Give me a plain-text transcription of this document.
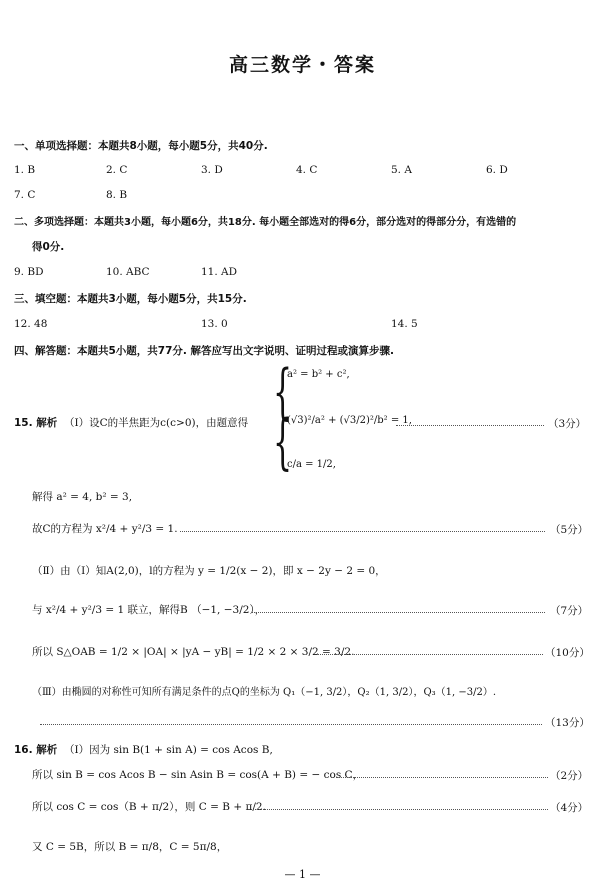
高三数学・答案
一、单项选择题：本题共8小题，每小题5分，共40分.
1. B	2. C	3. D	4. C	5. A	6. D
7. C	8. B
二、多项选择题：本题共3小题，每小题6分，共18分. 每小题全部选对的得6分，部分选对的得部分分，有选错的
得0分.
9. BD	10. ABC	11. AD
三、填空题：本题共3小题，每小题5分，共15分.
12. 48	13. 0	14. 5
四、解答题：本题共5小题，共77分. 解答应写出文字说明、证明过程或演算步骤.
15. 解析 （Ⅰ）设C的半焦距为c(c>0)，由题意得 {
{
a² = b² + c²,
(√3)²/a² + (√3/2)²/b² = 1,
c/a = 1/2,
（3分）
解得 a² = 4, b² = 3,
故C的方程为 x²/4 + y²/3 = 1.	（5分）
（Ⅱ）由（Ⅰ）知A(2,0)，l的方程为 y = 1/2(x − 2)，即 x − 2y − 2 = 0，
与 x²/4 + y²/3 = 1 联立，解得B （−1, −3/2），	（7分）
所以 S△OAB = 1/2 × |OA| × |yA − yB| = 1/2 × 2 × 3/2 = 3/2.	（10分）
（Ⅲ）由椭圆的对称性可知所有满足条件的点Q的坐标为 Q₁（−1, 3/2），Q₂（1, 3/2），Q₃（1, −3/2）.
（13分）
16. 解析 （Ⅰ）因为 sin B(1 + sin A) = cos Acos B,
所以 sin B = cos Acos B − sin Asin B = cos(A + B) = − cos C，	（2分）
所以 cos C = cos（B + π/2），则 C = B + π/2.	（4分）
又 C = 5B，所以 B = π/8，C = 5π/8，
— 1 —
